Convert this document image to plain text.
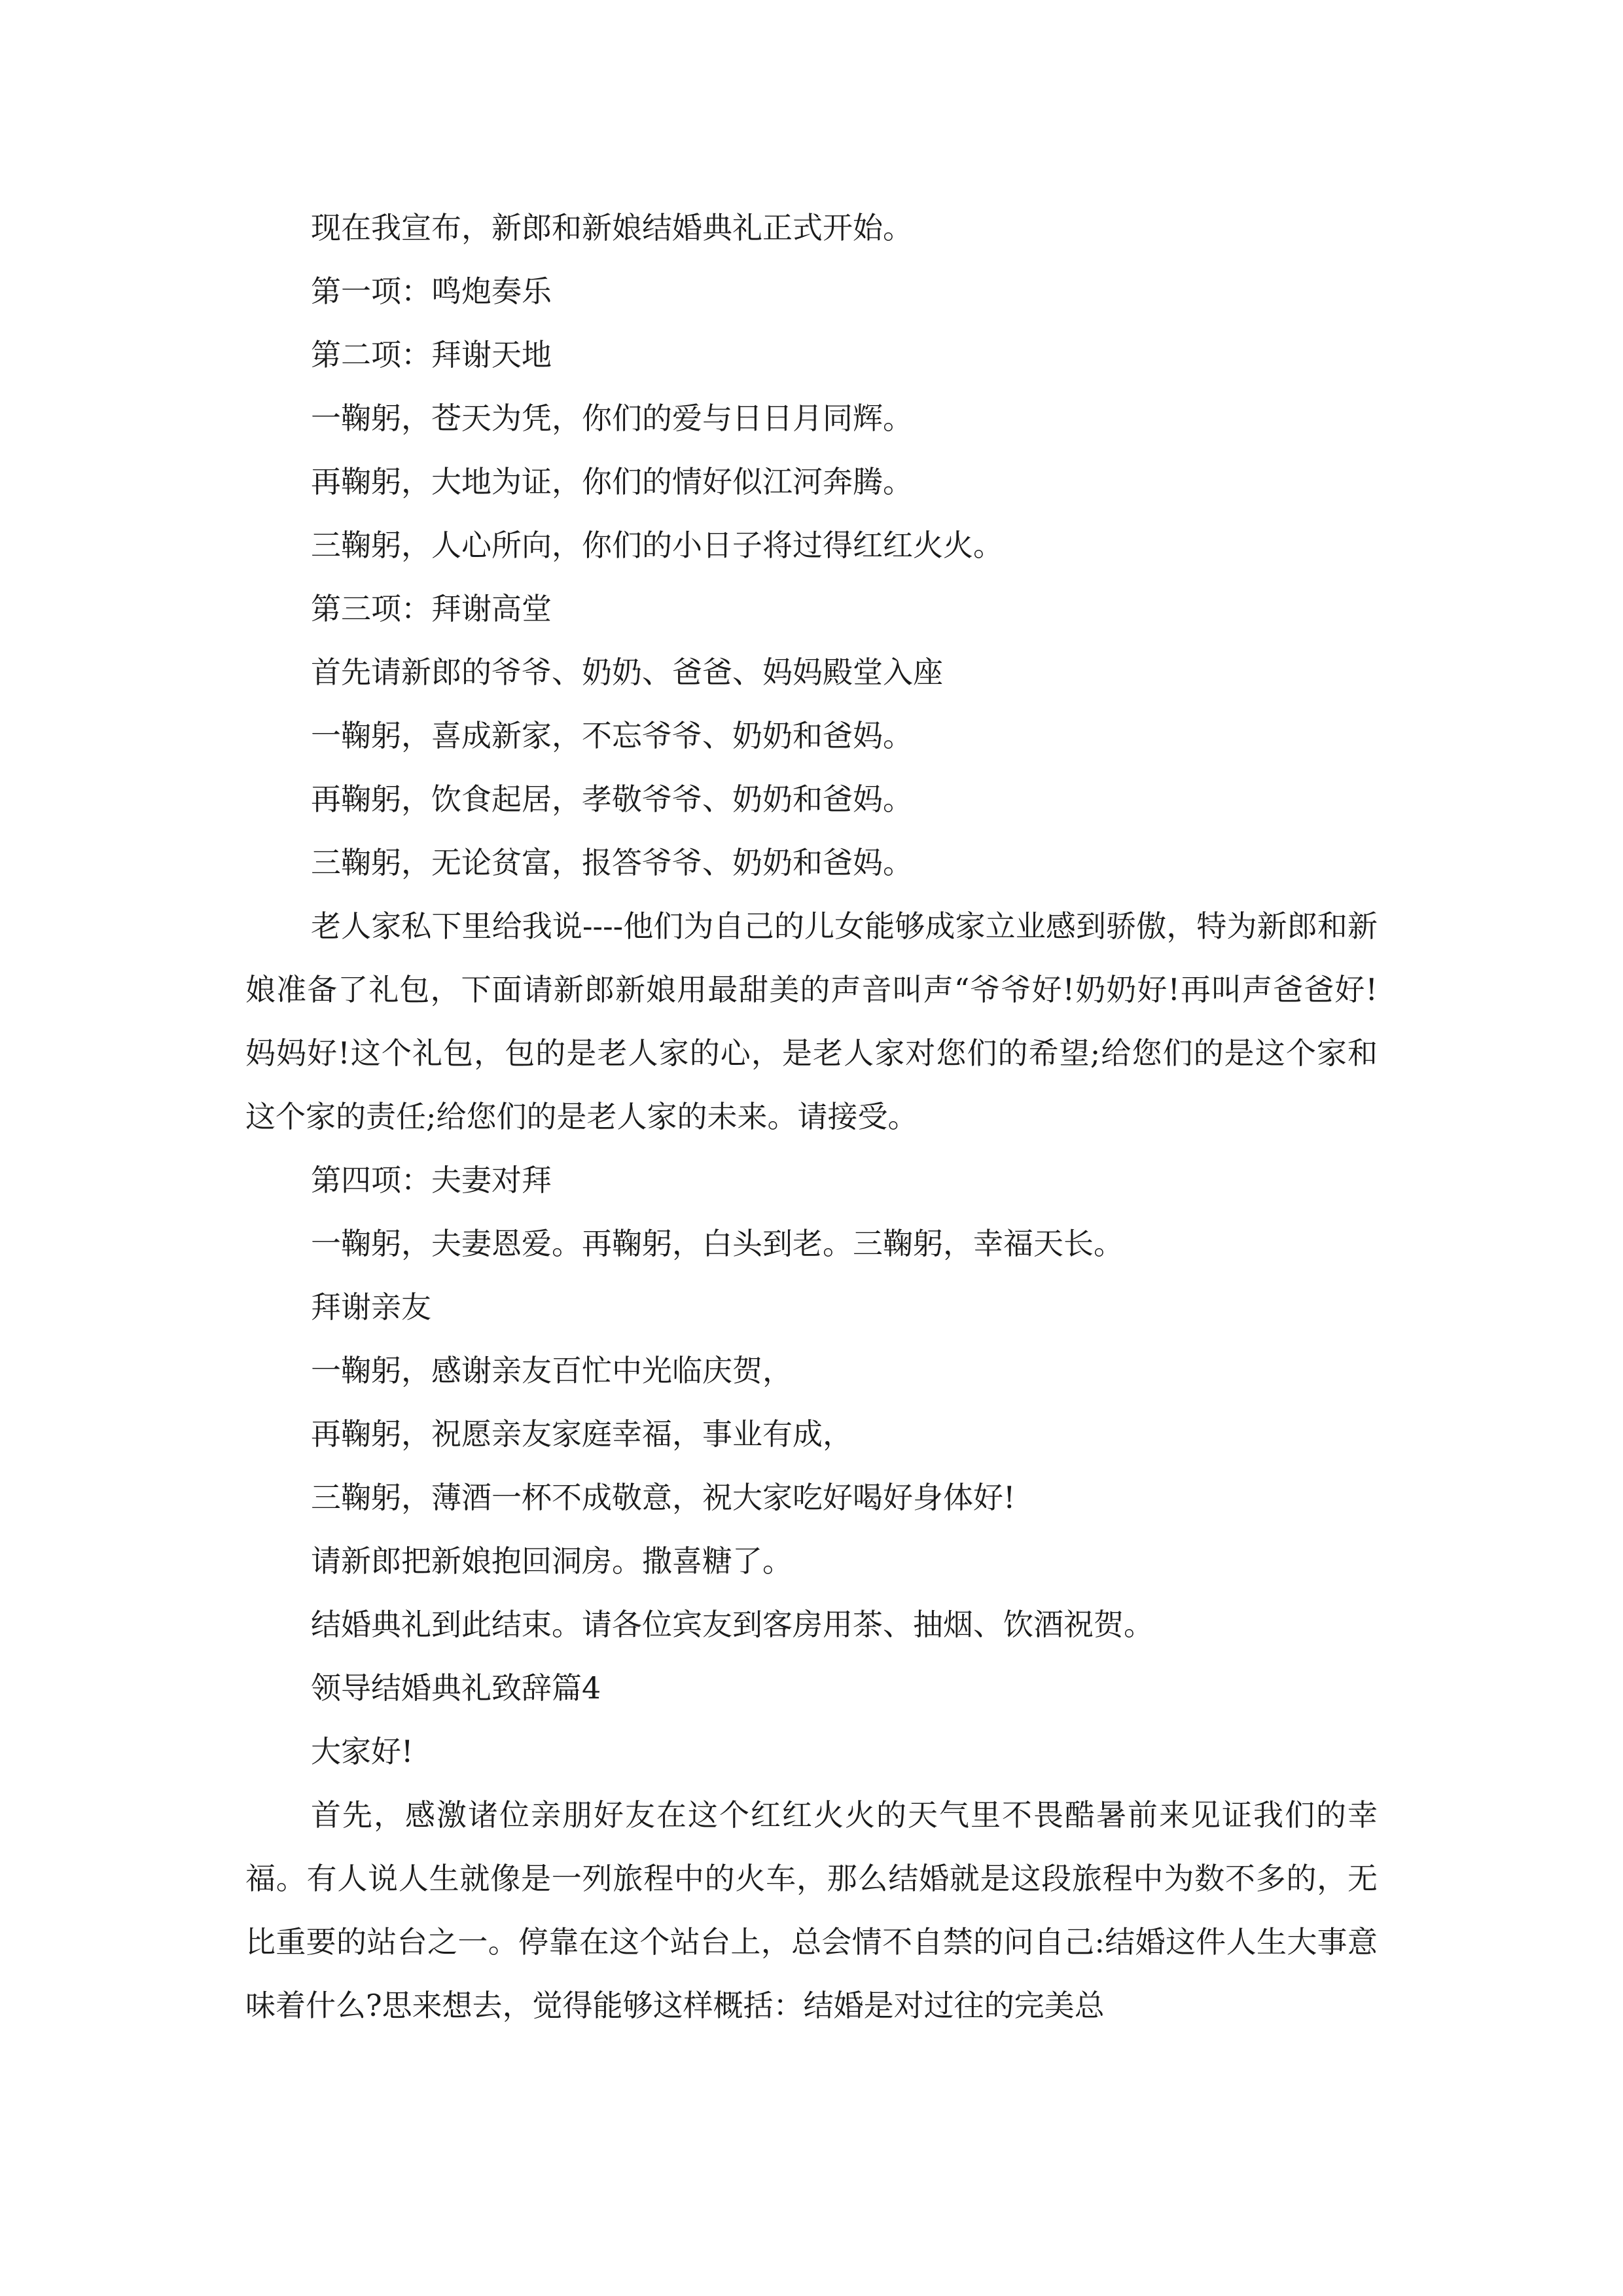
现在我宣布，新郎和新娘结婚典礼正式开始。

第一项：鸣炮奏乐

第二项：拜谢天地

一鞠躬，苍天为凭，你们的爱与日日月同辉。

再鞠躬，大地为证，你们的情好似江河奔腾。

三鞠躬，人心所向，你们的小日子将过得红红火火。

第三项：拜谢高堂

首先请新郎的爷爷、奶奶、爸爸、妈妈殿堂入座

一鞠躬，喜成新家，不忘爷爷、奶奶和爸妈。

再鞠躬，饮食起居，孝敬爷爷、奶奶和爸妈。

三鞠躬，无论贫富，报答爷爷、奶奶和爸妈。

老人家私下里给我说----他们为自己的儿女能够成家立业感到骄傲，特为新郎和新娘准备了礼包，下面请新郎新娘用最甜美的声音叫声“爷爷好!奶奶好!再叫声爸爸好!妈妈好!这个礼包，包的是老人家的心，是老人家对您们的希望;给您们的是这个家和这个家的责任;给您们的是老人家的未来。请接受。

第四项：夫妻对拜

一鞠躬，夫妻恩爱。再鞠躬，白头到老。三鞠躬，幸福天长。

拜谢亲友

一鞠躬，感谢亲友百忙中光临庆贺，

再鞠躬，祝愿亲友家庭幸福，事业有成，

三鞠躬，薄酒一杯不成敬意，祝大家吃好喝好身体好!

请新郎把新娘抱回洞房。撒喜糖了。

结婚典礼到此结束。请各位宾友到客房用茶、抽烟、饮酒祝贺。

领导结婚典礼致辞篇4

大家好!

首先，感激诸位亲朋好友在这个红红火火的天气里不畏酷暑前来见证我们的幸福。有人说人生就像是一列旅程中的火车，那么结婚就是这段旅程中为数不多的，无比重要的站台之一。停靠在这个站台上，总会情不自禁的问自己:结婚这件人生大事意味着什么?思来想去，觉得能够这样概括：结婚是对过往的完美总
